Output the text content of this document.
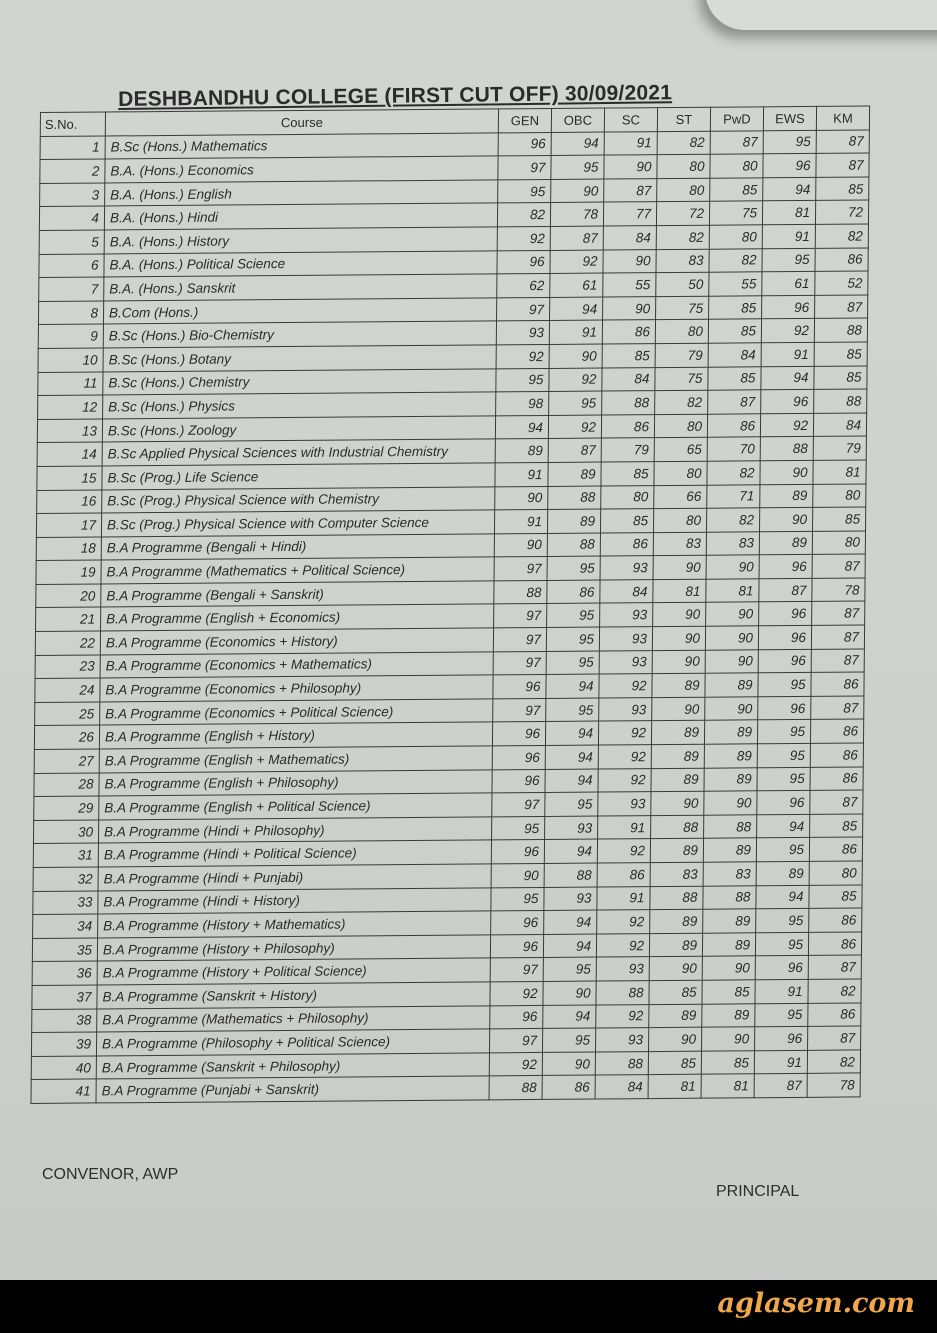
DESHBANDHU COLLEGE (FIRST CUT OFF) 30/09/2021
S.No.	Course	GEN	OBC	SC	ST	PwD	EWS	KM
1	B.Sc (Hons.) Mathematics	96	94	91	82	87	95	87
2	B.A. (Hons.) Economics	97	95	90	80	80	96	87
3	B.A. (Hons.) English	95	90	87	80	85	94	85
4	B.A. (Hons.) Hindi	82	78	77	72	75	81	72
5	B.A. (Hons.) History	92	87	84	82	80	91	82
6	B.A. (Hons.) Political Science	96	92	90	83	82	95	86
7	B.A. (Hons.) Sanskrit	62	61	55	50	55	61	52
8	B.Com (Hons.)	97	94	90	75	85	96	87
9	B.Sc (Hons.) Bio-Chemistry	93	91	86	80	85	92	88
10	B.Sc (Hons.) Botany	92	90	85	79	84	91	85
11	B.Sc (Hons.) Chemistry	95	92	84	75	85	94	85
12	B.Sc (Hons.) Physics	98	95	88	82	87	96	88
13	B.Sc (Hons.) Zoology	94	92	86	80	86	92	84
14	B.Sc Applied Physical Sciences with Industrial Chemistry	89	87	79	65	70	88	79
15	B.Sc (Prog.) Life Science	91	89	85	80	82	90	81
16	B.Sc (Prog.) Physical Science with Chemistry	90	88	80	66	71	89	80
17	B.Sc (Prog.) Physical Science with Computer Science	91	89	85	80	82	90	85
18	B.A Programme (Bengali + Hindi)	90	88	86	83	83	89	80
19	B.A Programme (Mathematics + Political Science)	97	95	93	90	90	96	87
20	B.A Programme (Bengali + Sanskrit)	88	86	84	81	81	87	78
21	B.A Programme (English + Economics)	97	95	93	90	90	96	87
22	B.A Programme (Economics + History)	97	95	93	90	90	96	87
23	B.A Programme (Economics + Mathematics)	97	95	93	90	90	96	87
24	B.A Programme (Economics + Philosophy)	96	94	92	89	89	95	86
25	B.A Programme (Economics + Political Science)	97	95	93	90	90	96	87
26	B.A Programme (English + History)	96	94	92	89	89	95	86
27	B.A Programme (English + Mathematics)	96	94	92	89	89	95	86
28	B.A Programme (English + Philosophy)	96	94	92	89	89	95	86
29	B.A Programme (English + Political Science)	97	95	93	90	90	96	87
30	B.A Programme (Hindi + Philosophy)	95	93	91	88	88	94	85
31	B.A Programme (Hindi + Political Science)	96	94	92	89	89	95	86
32	B.A Programme (Hindi + Punjabi)	90	88	86	83	83	89	80
33	B.A Programme (Hindi + History)	95	93	91	88	88	94	85
34	B.A Programme (History + Mathematics)	96	94	92	89	89	95	86
35	B.A Programme (History + Philosophy)	96	94	92	89	89	95	86
36	B.A Programme (History + Political Science)	97	95	93	90	90	96	87
37	B.A Programme (Sanskrit + History)	92	90	88	85	85	91	82
38	B.A Programme (Mathematics + Philosophy)	96	94	92	89	89	95	86
39	B.A Programme (Philosophy + Political Science)	97	95	93	90	90	96	87
40	B.A Programme (Sanskrit + Philosophy)	92	90	88	85	85	91	82
41	B.A Programme (Punjabi + Sanskrit)	88	86	84	81	81	87	78
CONVENOR, AWP
PRINCIPAL
aglasem.com
